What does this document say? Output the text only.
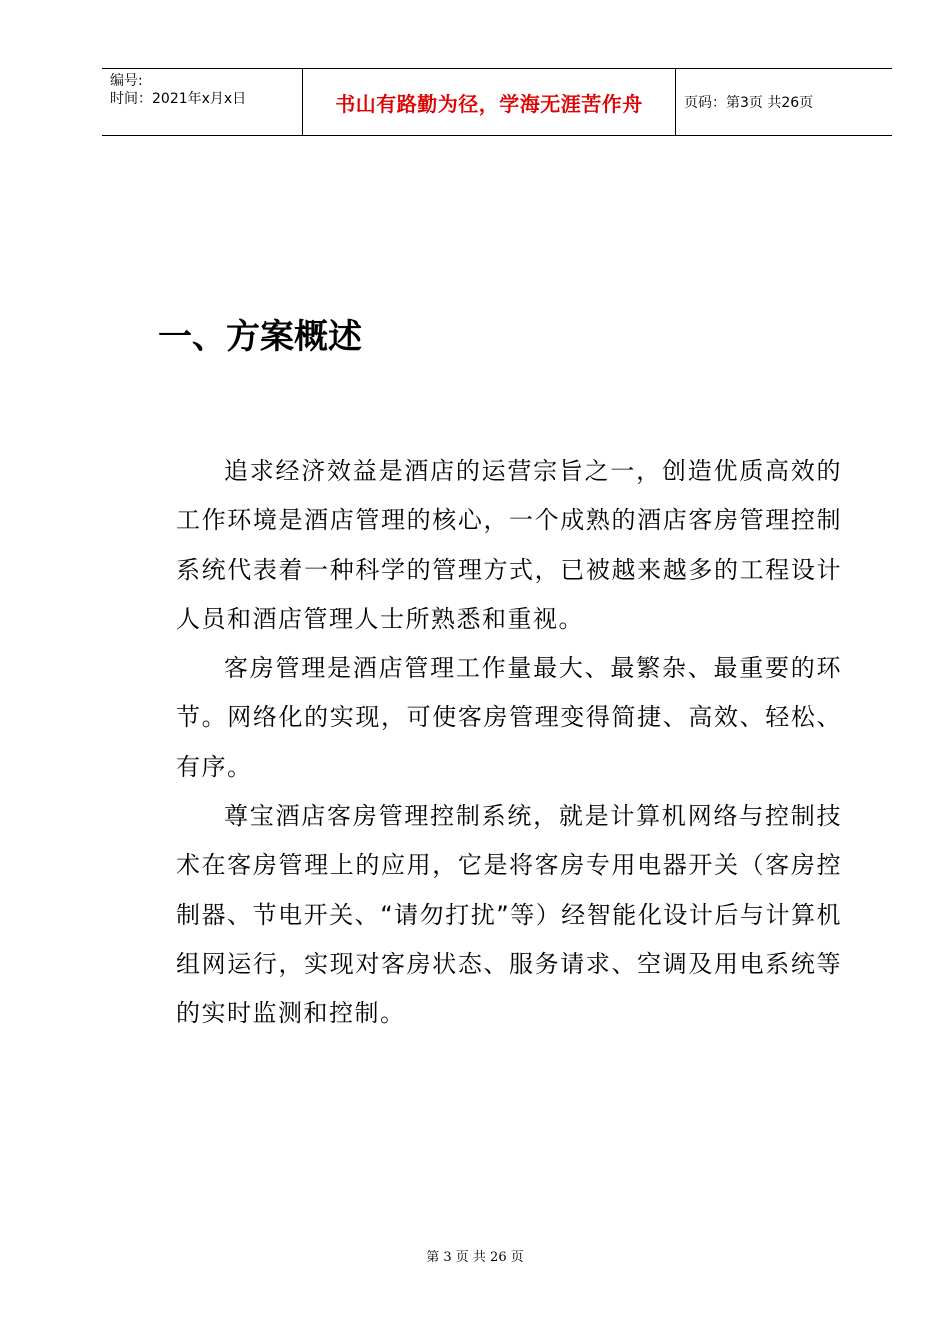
编号:
时间：2021年x月x日	书山有路勤为径，学海无涯苦作舟	页码：第3页 共26页
一、方案概述

追求经济效益是酒店的运营宗旨之一，创造优质高效的工作环境是酒店管理的核心，一个成熟的酒店客房管理控制系统代表着一种科学的管理方式，已被越来越多的工程设计人员和酒店管理人士所熟悉和重视。

客房管理是酒店管理工作量最大、最繁杂、最重要的环节。网络化的实现，可使客房管理变得简捷、高效、轻松、有序。

尊宝酒店客房管理控制系统，就是计算机网络与控制技术在客房管理上的应用，它是将客房专用电器开关（客房控制器、节电开关、“请勿打扰”等）经智能化设计后与计算机组网运行，实现对客房状态、服务请求、空调及用电系统等的实时监测和控制。

第 3 页 共 26 页
